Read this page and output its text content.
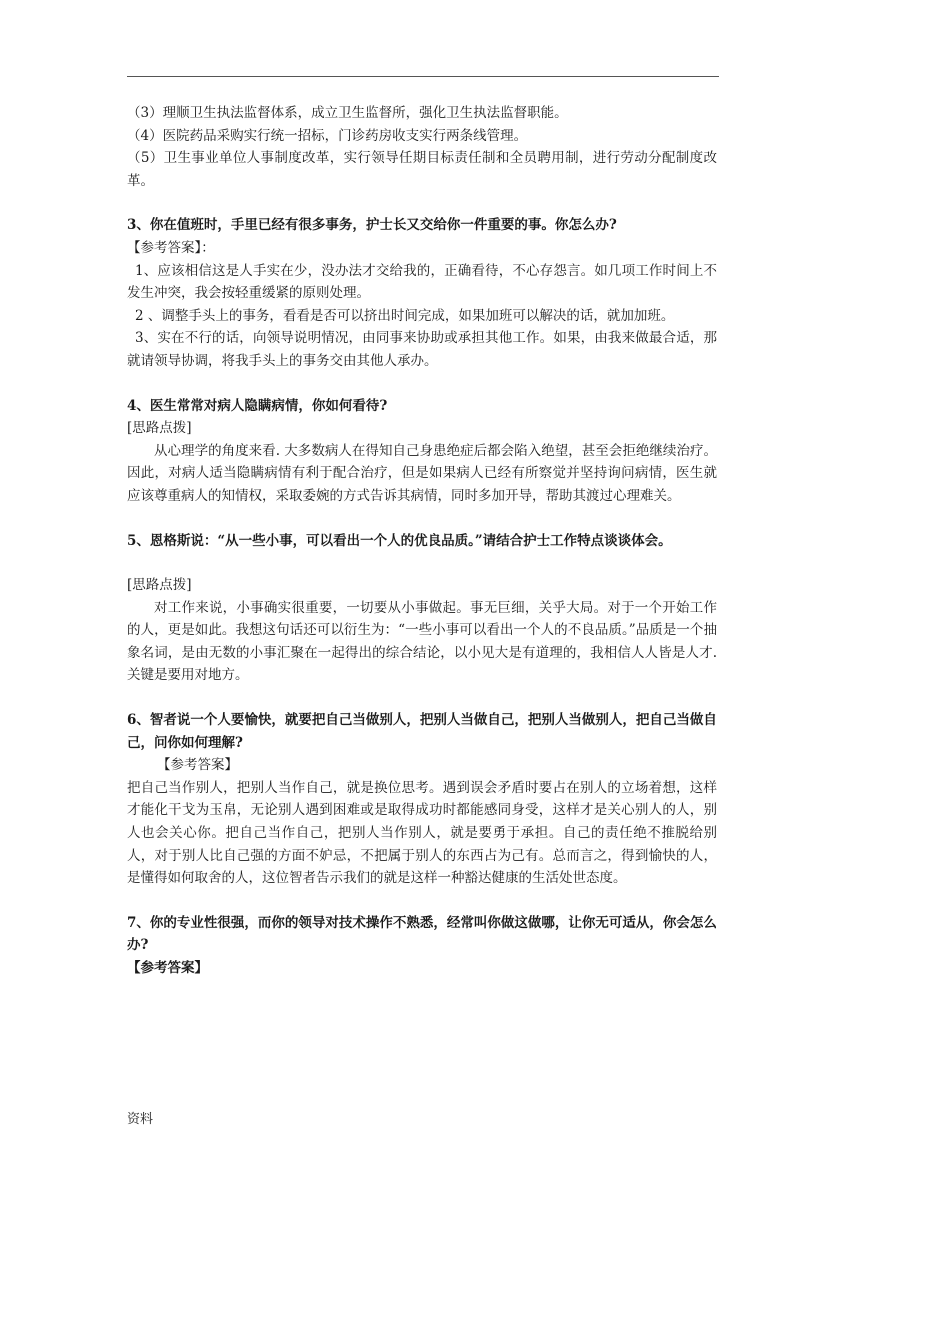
（3）理顺卫生执法监督体系，成立卫生监督所，强化卫生执法监督职能。
（4）医院药品采购实行统一招标，门诊药房收支实行两条线管理。
（5）卫生事业单位人事制度改革，实行领导任期目标责任制和全员聘用制，进行劳动分配制度改革。
3、你在值班时，手里已经有很多事务，护士长又交给你一件重要的事。你怎么办?
【参考答案】：
1、应该相信这是人手实在少，没办法才交给我的，正确看待，不心存怨言。如几项工作时间上不发生冲突，我会按轻重缓紧的原则处理。
2 、调整手头上的事务，看看是否可以挤出时间完成，如果加班可以解决的话，就加加班。
3、实在不行的话，向领导说明情况，由同事来协助或承担其他工作。如果，由我来做最合适，那就请领导协调，将我手头上的事务交由其他人承办。
4、医生常常对病人隐瞒病情，你如何看待?
[思路点拨]
从心理学的角度来看. 大多数病人在得知自己身患绝症后都会陷入绝望，甚至会拒绝继续治疗。因此，对病人适当隐瞒病情有利于配合治疗，但是如果病人已经有所察觉并坚持询问病情，医生就应该尊重病人的知情权，采取委婉的方式告诉其病情，同时多加开导，帮助其渡过心理难关。
5、恩格斯说：“从一些小事，可以看出一个人的优良品质。”请结合护士工作特点谈谈体会。
[思路点拨]
对工作来说，小事确实很重要，一切要从小事做起。事无巨细，关乎大局。对于一个开始工作的人，更是如此。我想这句话还可以衍生为：“一些小事可以看出一个人的不良品质。”品质是一个抽象名词，是由无数的小事汇聚在一起得出的综合结论，以小见大是有道理的，我相信人人皆是人才. 关键是要用对地方。
6、智者说一个人要愉快，就要把自己当做别人，把别人当做自己，把别人当做别人，把自己当做自己，问你如何理解?
【参考答案】
把自己当作别人，把别人当作自己，就是换位思考。遇到误会矛盾时要占在别人的立场着想，这样才能化干戈为玉帛，无论别人遇到困难或是取得成功时都能感同身受，这样才是关心别人的人，别人也会关心你。把自己当作自己，把别人当作别人，就是要勇于承担。自己的责任绝不推脱给别人，对于别人比自己强的方面不妒忌，不把属于别人的东西占为己有。总而言之，得到愉快的人，是懂得如何取舍的人，这位智者告示我们的就是这样一种豁达健康的生活处世态度。
7、你的专业性很强，而你的领导对技术操作不熟悉，经常叫你做这做哪，让你无可适从，你会怎么办?
【参考答案】
资料
